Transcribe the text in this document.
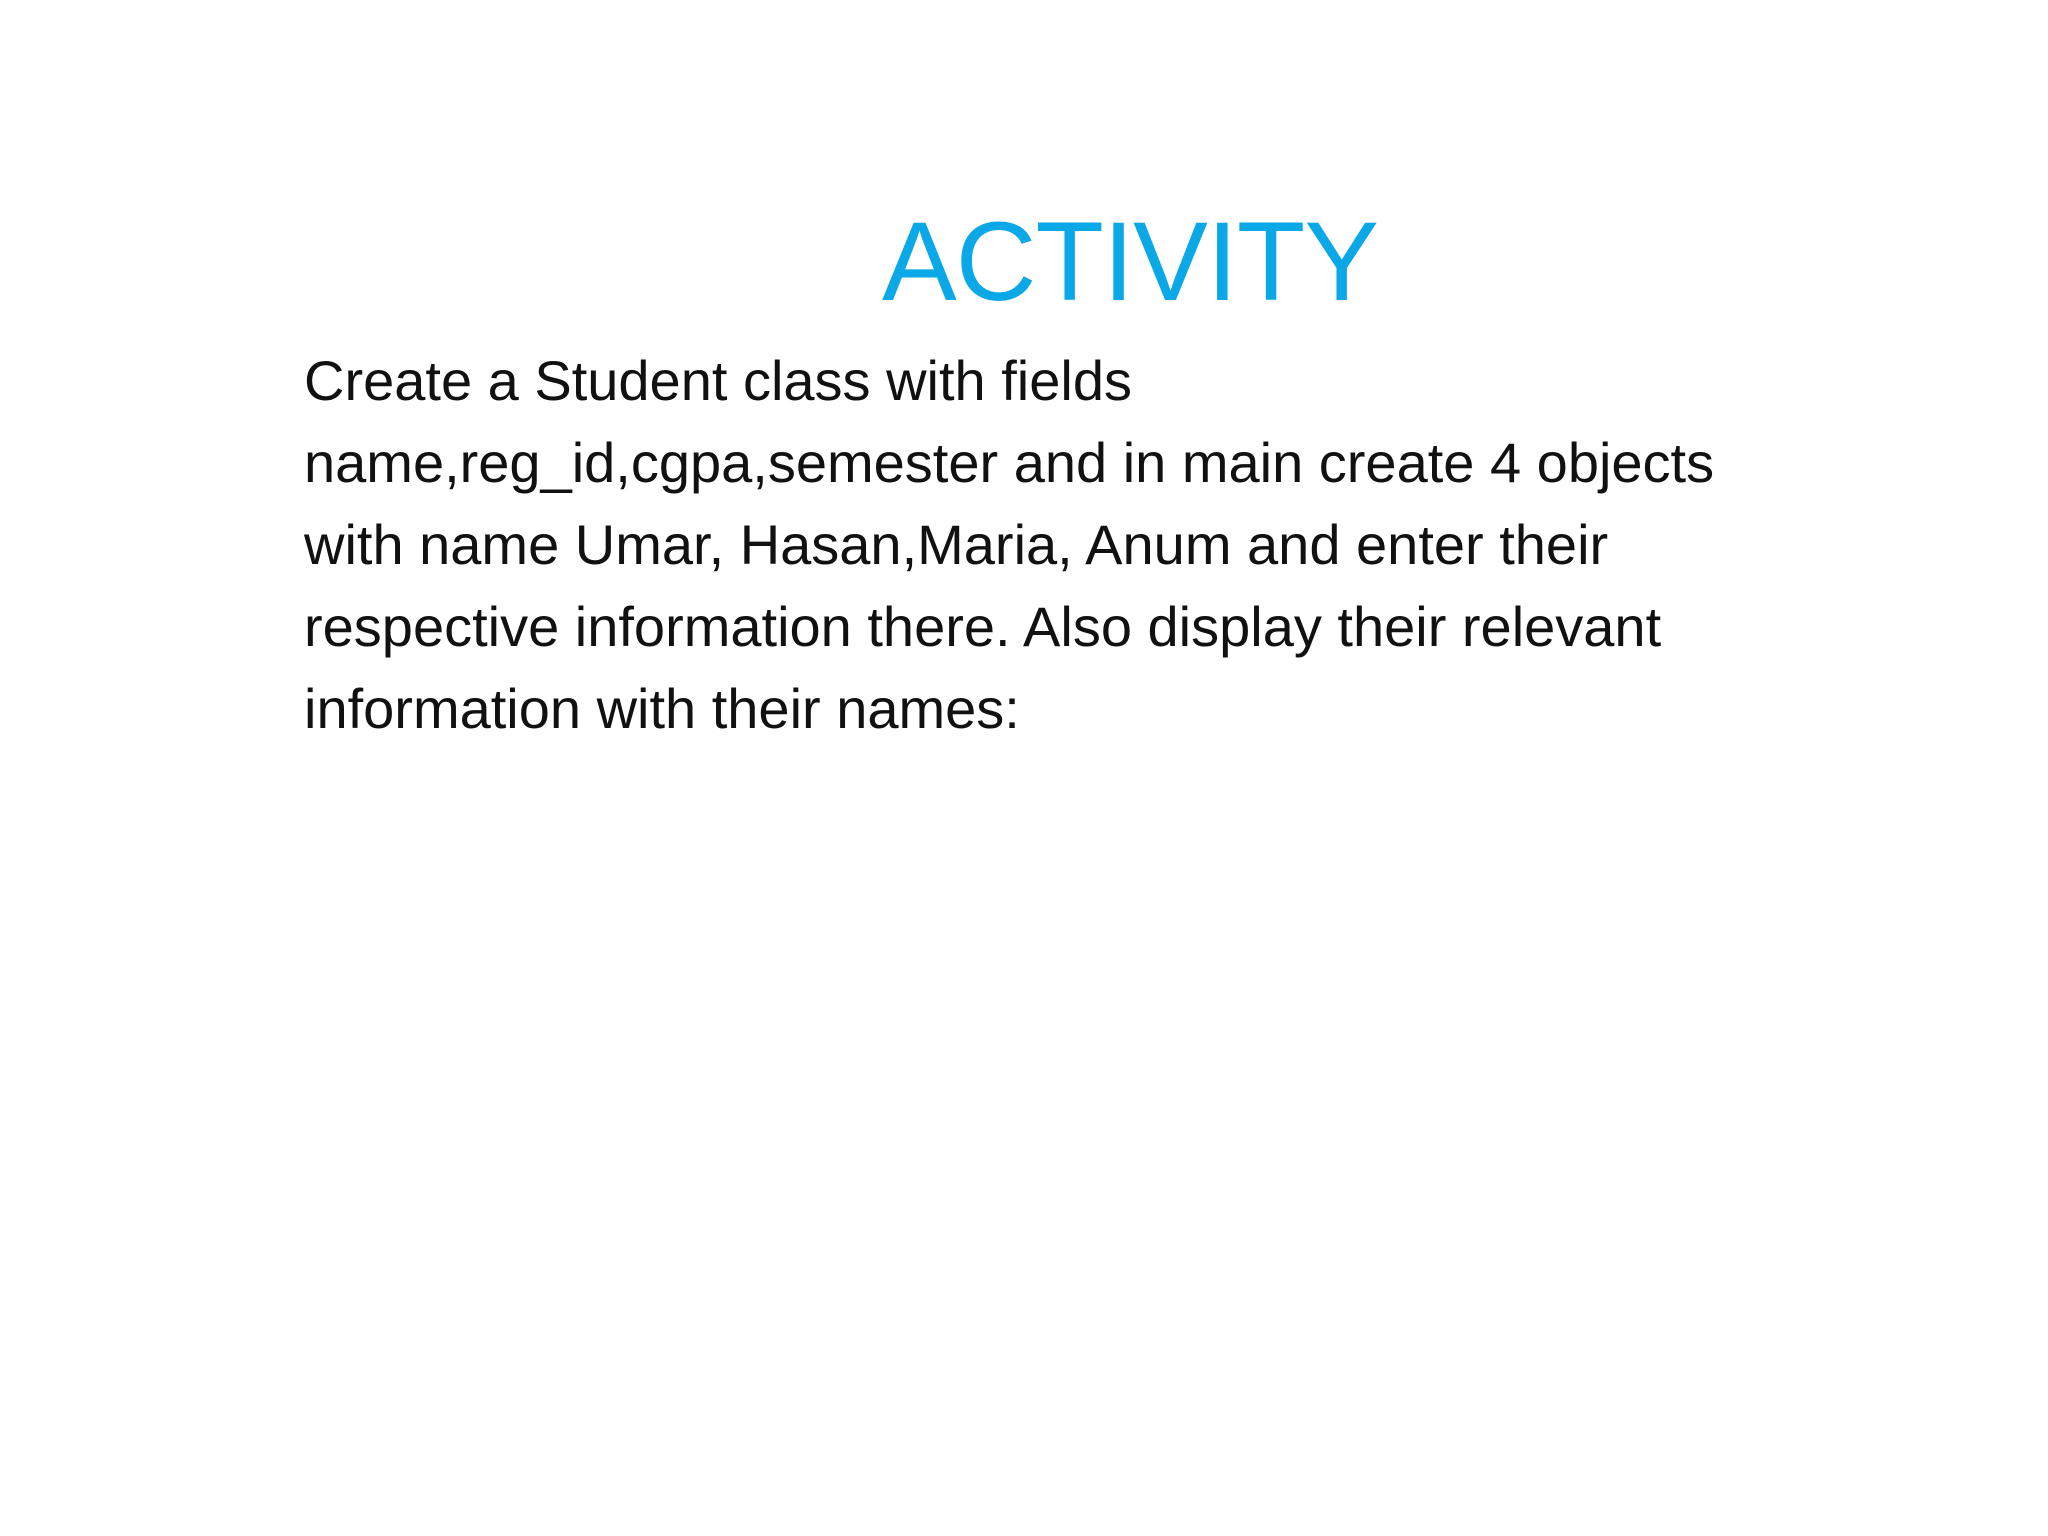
ACTIVITY
Create a Student class with fields
name,reg_id,cgpa,semester and in main create 4 objects
with name Umar, Hasan,Maria, Anum and enter their
respective information there. Also display their relevant
information with their names:
